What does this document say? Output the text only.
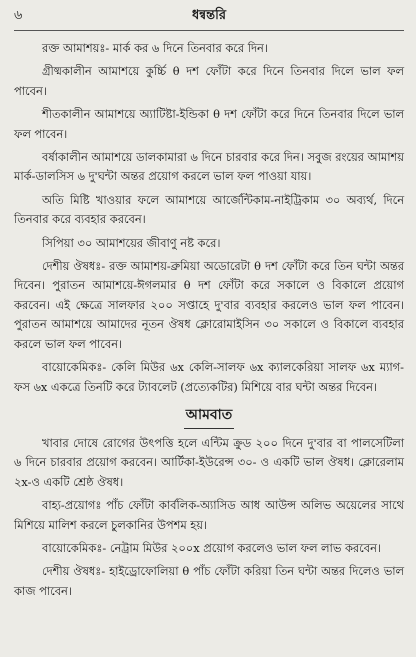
৬	ধন্বন্তরি

রক্ত আমাশয়ঃ- মার্ক কর ৬ দিনে তিনবার করে দিন।

গ্রীষ্মকালীন আমাশয়ে কুর্চ্চি θ দশ ফোঁটা করে দিনে তিনবার দিলে ভাল ফল পাবেন।

শীতকালীন আমাশয়ে অ্যাটিষ্টা-ইন্ডিকা θ দশ ফোঁটা করে দিনে তিনবার দিলে ভাল ফল পাবেন।

বর্ষাকালীন আমাশয়ে ডালকামারা ৬ দিনে চারবার করে দিন। সবুজ রংয়ের আমাশয় মার্ক-ডালসিস ৬ দু'ঘন্টা অন্তর প্রয়োগ করলে ভাল ফল পাওয়া যায়।

অতি মিষ্টি খাওয়ার ফলে আমাশয়ে আর্জেন্টিকাম-নাইট্রিকাম ৩০ অব্যর্থ, দিনে তিনবার করে ব্যবহার করবেন।

সিপিয়া ৩০ আমাশয়ের জীবাণু নষ্ট করে।

দেশীয় ঔষধঃ- রক্ত আমাশয়-ব্রুমিয়া অডোরেটা θ দশ ফোঁটা করে তিন ঘন্টা অন্তর দিবেন। পুরাতন আমাশয়ে-ঈগলমার θ দশ ফোঁটা করে সকালে ও বিকালে প্রয়োগ করবেন। এই ক্ষেত্রে সালফার ২০০ সপ্তাহে দু'বার ব্যবহার করলেও ভাল ফল পাবেন। পুরাতন আমাশয়ে আমাদের নূতন ঔষধ ক্লোরোমাইসিন ৩০ সকালে ও বিকালে ব্যবহার করলে ভাল ফল পাবেন।

বায়োকেমিকঃ- কেলি মিউর ৬x কেলি-সালফ ৬x ক্যালকেরিয়া সালফ ৬x ম্যাগ-ফস ৬x একত্রে তিনটি করে ট্যাবলেট (প্রত্যেকটির) মিশিয়ে বার ঘন্টা অন্তর দিবেন।

আমবাত

খাবার দোষে রোগের উৎপত্তি হলে এন্টিম ক্রুড ২০০ দিনে দু'বার বা পালসেটিলা ৬ দিনে চারবার প্রয়োগ করবেন। আর্টিকা-ইউরেন্স ৩০- ও একটি ভাল ঔষধ। ক্লোরেলাম ২x-ও একটি শ্রেষ্ঠ ঔষধ।

বাহ্য-প্রয়োগঃ পাঁচ ফোঁটা কার্বলিক-অ্যাসিড আধ আউন্স অলিভ অয়েলের সাথে মিশিয়ে মালিশ করলে চুলকানির উপশম হয়।

বায়োকেমিকঃ- নেট্রাম মিউর ২০০x প্রয়োগ করলেও ভাল ফল লাভ করবেন।

দেশীয় ঔষধঃ- হাইড্রোফোলিয়া θ পাঁচ ফোঁটা করিয়া তিন ঘন্টা অন্তর দিলেও ভাল কাজ পাবেন।
